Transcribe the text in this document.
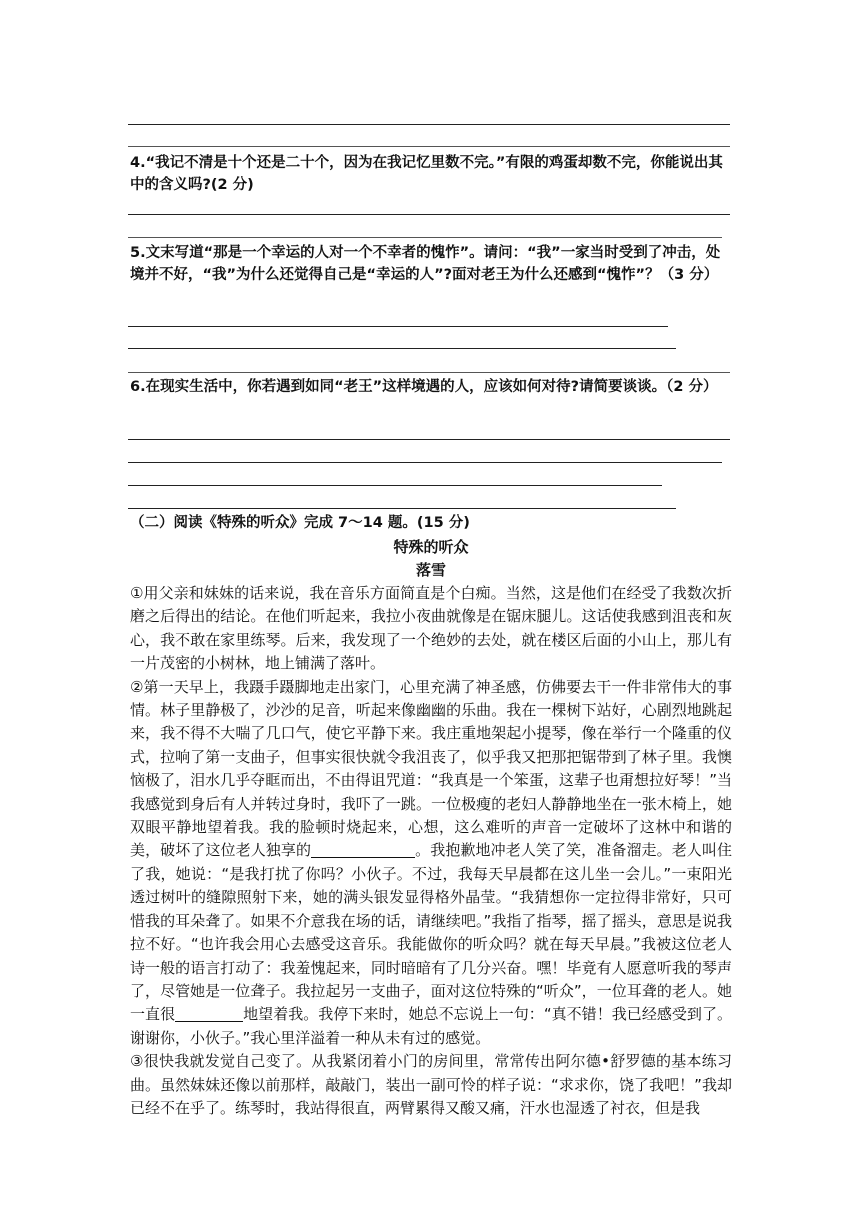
4.“我记不清是十个还是二十个，因为在我记忆里数不完。”有限的鸡蛋却数不完，你能说出其中的含义吗?(2 分)
5.文末写道“那是一个幸运的人对一个不幸者的愧怍”。请问：“我”一家当时受到了冲击，处境并不好，“我”为什么还觉得自己是“幸运的人”?面对老王为什么还感到“愧怍”？（3 分）
6.在现实生活中，你若遇到如同“老王”这样境遇的人，应该如何对待?请简要谈谈。（2 分）
（二）阅读《特殊的听众》完成 7～14 题。(15 分)
特殊的听众
落雪

①用父亲和妹妹的话来说，我在音乐方面简直是个白痴。当然，这是他们在经受了我数次折磨之后得出的结论。在他们听起来，我拉小夜曲就像是在锯床腿儿。这话使我感到沮丧和灰心，我不敢在家里练琴。后来，我发现了一个绝妙的去处，就在楼区后面的小山上，那儿有一片茂密的小树林，地上铺满了落叶。

②第一天早上，我蹑手蹑脚地走出家门，心里充满了神圣感，仿佛要去干一件非常伟大的事情。林子里静极了，沙沙的足音，听起来像幽幽的乐曲。我在一棵树下站好，心剧烈地跳起来，我不得不大喘了几口气，使它平静下来。我庄重地架起小提琴，像在举行一个隆重的仪式，拉响了第一支曲子，但事实很快就令我沮丧了，似乎我又把那把锯带到了林子里。我懊恼极了，泪水几乎夺眶而出，不由得诅咒道：“我真是一个笨蛋，这辈子也甭想拉好琴！”当我感觉到身后有人并转过身时，我吓了一跳。一位极瘦的老妇人静静地坐在一张木椅上，她双眼平静地望着我。我的脸顿时烧起来，心想，这么难听的声音一定破坏了这林中和谐的美，破坏了这位老人独享的	。我抱歉地冲老人笑了笑，准备溜走。老人叫住了我，她说：“是我打扰了你吗？小伙子。不过，我每天早晨都在这儿坐一会儿。”一束阳光透过树叶的缝隙照射下来，她的满头银发显得格外晶莹。“我猜想你一定拉得非常好，只可惜我的耳朵聋了。如果不介意我在场的话，请继续吧。”我指了指琴，摇了摇头，意思是说我拉不好。“也许我会用心去感受这音乐。我能做你的听众吗？就在每天早晨。”我被这位老人诗一般的语言打动了：我羞愧起来，同时暗暗有了几分兴奋。嘿！毕竟有人愿意听我的琴声了，尽管她是一位聋子。我拉起另一支曲子，面对这位特殊的“听众”，一位耳聋的老人。她一直很	地望着我。我停下来时，她总不忘说上一句：“真不错！我已经感受到了。谢谢你，小伙子。”我心里洋溢着一种从未有过的感觉。

③很快我就发觉自己变了。从我紧闭着小门的房间里，常常传出阿尔德•舒罗德的基本练习曲。虽然妹妹还像以前那样，敲敲门，装出一副可怜的样子说：“求求你，饶了我吧！”我却已经不在乎了。练琴时，我站得很直，两臂累得又酸又痛，汗水也湿透了衬衣，但是我
